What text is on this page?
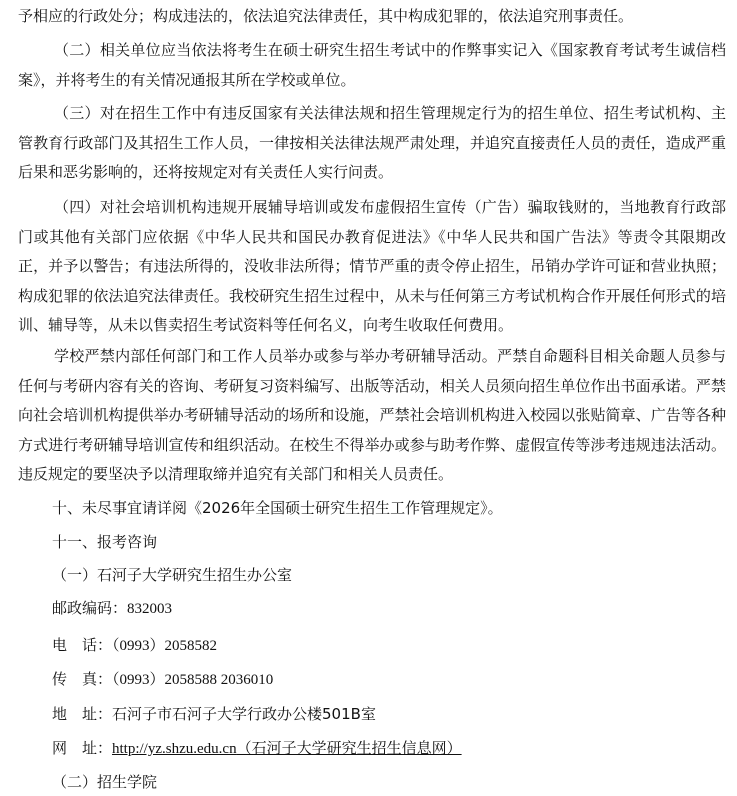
予相应的行政处分；构成违法的，依法追究法律责任，其中构成犯罪的，依法追究刑事责任。
（二）相关单位应当依法将考生在硕士研究生招生考试中的作弊事实记入《国家教育考试考生诚信档案》，并将考生的有关情况通报其所在学校或单位。
（三）对在招生工作中有违反国家有关法律法规和招生管理规定行为的招生单位、招生考试机构、主管教育行政部门及其招生工作人员，一律按相关法律法规严肃处理，并追究直接责任人员的责任，造成严重后果和恶劣影响的，还将按规定对有关责任人实行问责。
（四）对社会培训机构违规开展辅导培训或发布虚假招生宣传（广告）骗取钱财的，当地教育行政部门或其他有关部门应依据《中华人民共和国民办教育促进法》《中华人民共和国广告法》等责令其限期改正，并予以警告；有违法所得的，没收非法所得；情节严重的责令停止招生，吊销办学许可证和营业执照；构成犯罪的依法追究法律责任。我校研究生招生过程中，从未与任何第三方考试机构合作开展任何形式的培训、辅导等，从未以售卖招生考试资料等任何名义，向考生收取任何费用。
学校严禁内部任何部门和工作人员举办或参与举办考研辅导活动。严禁自命题科目相关命题人员参与任何与考研内容有关的咨询、考研复习资料编写、出版等活动，相关人员须向招生单位作出书面承诺。严禁向社会培训机构提供举办考研辅导活动的场所和设施，严禁社会培训机构进入校园以张贴简章、广告等各种方式进行考研辅导培训宣传和组织活动。在校生不得举办或参与助考作弊、虚假宣传等涉考违规违法活动。违反规定的要坚决予以清理取缔并追究有关部门和相关人员责任。
十、未尽事宜请详阅《2026年全国硕士研究生招生工作管理规定》。
十一、报考咨询
（一）石河子大学研究生招生办公室
邮政编码：832003
电　话：（0993）2058582
传　真：（0993）2058588 2036010
地　址：石河子市石河子大学行政办公楼501B室
网　址：http://yz.shzu.edu.cn（石河子大学研究生招生信息网）
（二）招生学院
